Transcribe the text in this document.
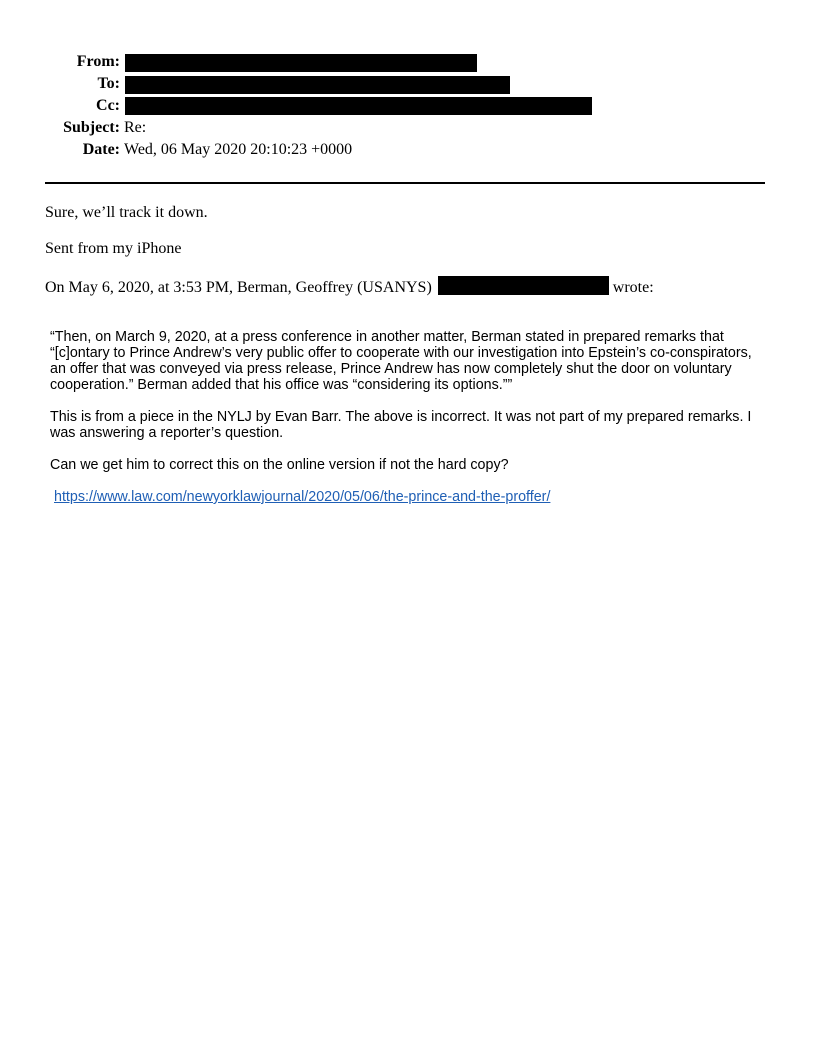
From:
To:
Cc:
Subject: Re:
Date: Wed, 06 May 2020 20:10:23 +0000
Sure, we’ll track it down.
Sent from my iPhone
On May 6, 2020, at 3:53 PM, Berman, Geoffrey (USANYS)	wrote:

“Then, on March 9, 2020, at a press conference in another matter, Berman stated in prepared remarks that “[c]ontary to Prince Andrew’s very public offer to cooperate with our investigation into Epstein’s co-conspirators, an offer that was conveyed via press release, Prince Andrew has now completely shut the door on voluntary cooperation.” Berman added that his office was “considering its options.””

This is from a piece in the NYLJ by Evan Barr. The above is incorrect. It was not part of my prepared remarks. I was answering a reporter’s question.

Can we get him to correct this on the online version if not the hard copy?

https://www.law.com/newyorklawjournal/2020/05/06/the-prince-and-the-proffer/
